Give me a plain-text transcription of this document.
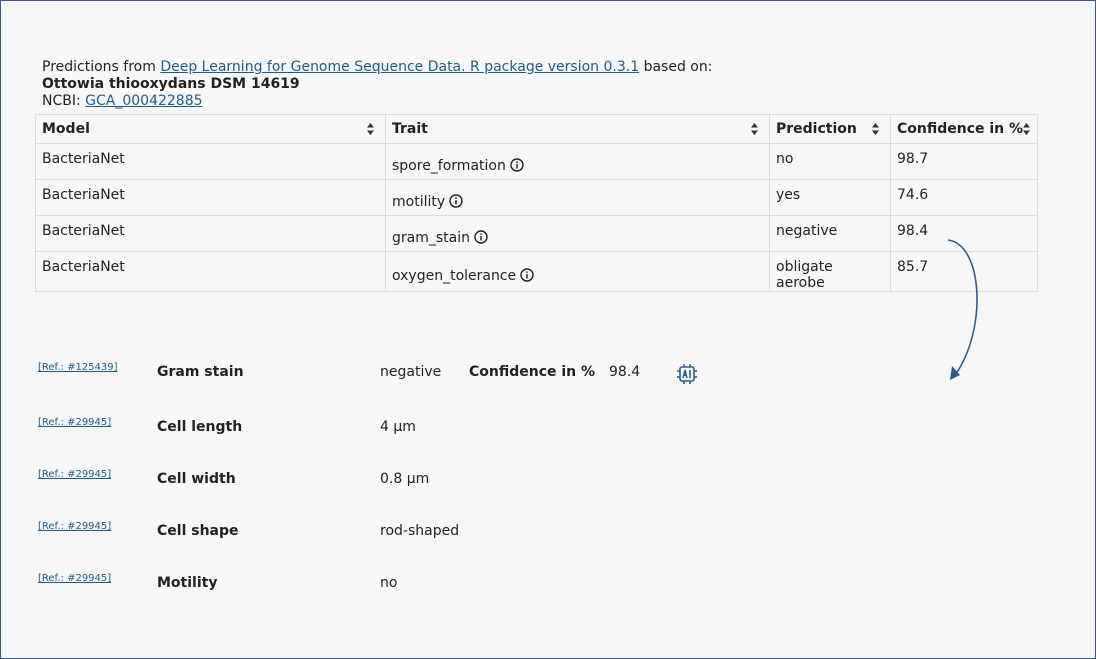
Predictions from Deep Learning for Genome Sequence Data. R package version 0.3.1 based on:
Ottowia thiooxydans DSM 14619
NCBI: GCA_000422885
Model	Trait	Prediction	Confidence in %

BacteriaNet	spore_formation	no	98.7
BacteriaNet	motility	yes	74.6
BacteriaNet	gram_stain	negative	98.4
BacteriaNet	oxygen_tolerance	obligate aerobe	85.7
[Ref.: #125439]	Gram stain	negative Confidence in % 98.4
[Ref.: #29945]	Cell length	4 µm
[Ref.: #29945]	Cell width	0.8 µm
[Ref.: #29945]	Cell shape	rod-shaped
[Ref.: #29945]	Motility	no
